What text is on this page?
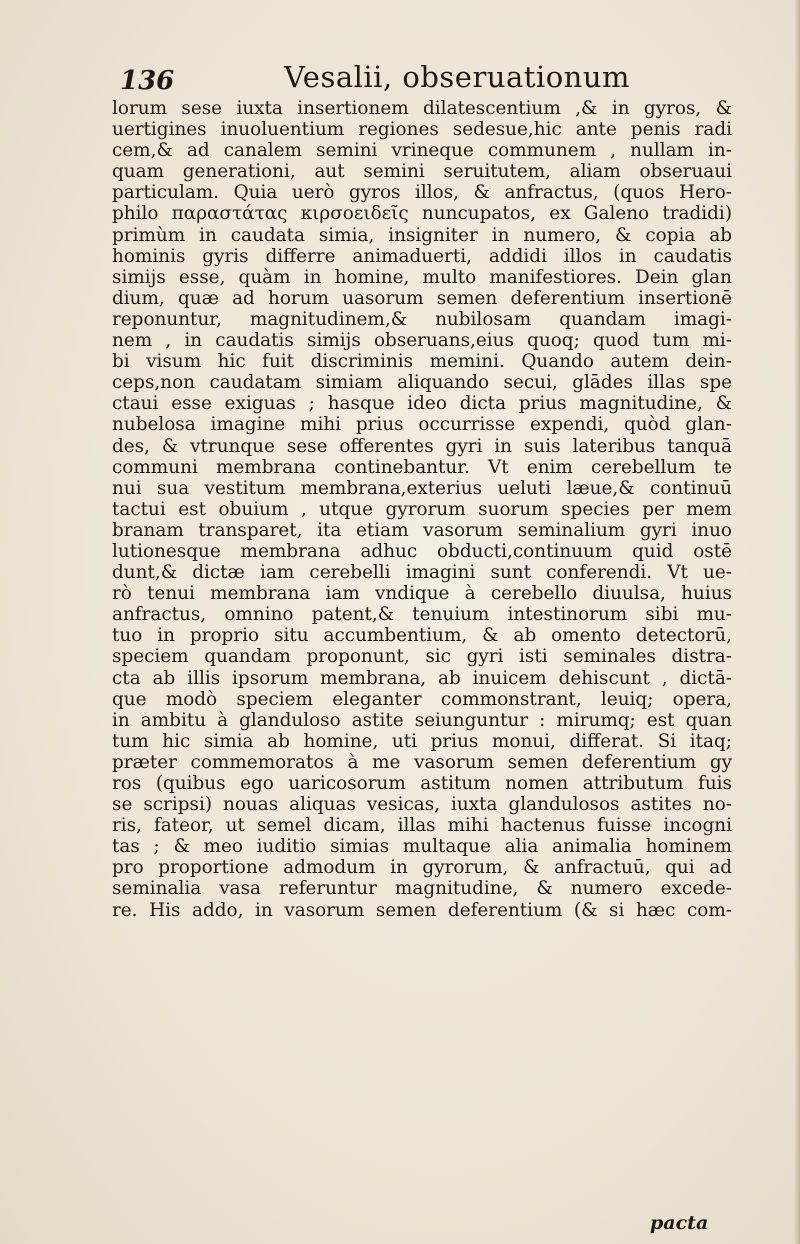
136	Vesalii, obseruationum
lorum sese iuxta insertionem dilatescentium ,& in gyros, &
uertigines inuoluentium regiones sedesue,hic ante penis radi
cem,& ad canalem semini vrineque communem , nullam in-
quam generationi, aut semini seruitutem, aliam obseruaui
particulam. Quia uerò gyros illos, & anfractus, (quos Hero-
philo παραστάτας κιρσοειδεῖς nuncupatos, ex Galeno tradidi)
primùm in caudata simia, insigniter in numero, & copia ab
hominis gyris differre animaduerti, addidi illos in caudatis
simijs esse, quàm in homine, multo manifestiores. Dein glan
dium, quæ ad horum uasorum semen deferentium insertionē
reponuntur, magnitudinem,& nubilosam quandam imagi-
nem , in caudatis simijs obseruans,eius quoq; quod tum mi-
bi visum hic fuit discriminis memini. Quando autem dein-
ceps,non caudatam simiam aliquando secui, glādes illas spe
ctaui esse exiguas ; hasque ideo dicta prius magnitudine, &
nubelosa imagine mihi prius occurrisse expendi, quòd glan-
des, & vtrunque sese offerentes gyri in suis lateribus tanquā
communi membrana continebantur. Vt enim cerebellum te
nui sua vestitum membrana,exterius ueluti læue,& continuū
tactui est obuium , utque gyrorum suorum species per mem
branam transparet, ita etiam vasorum seminalium gyri inuo
lutionesque membrana adhuc obducti,continuum quid ostē
dunt,& dictæ iam cerebelli imagini sunt conferendi. Vt ue-
rò tenui membrana iam vndique à cerebello diuulsa, huius
anfractus, omnino patent,& tenuium intestinorum sibi mu-
tuo in proprio situ accumbentium, & ab omento detectorū,
speciem quandam proponunt, sic gyri isti seminales distra-
cta ab illis ipsorum membrana, ab inuicem dehiscunt , dictā-
que modò speciem eleganter commonstrant, leuiq; opera,
in ambitu à glanduloso astite seiunguntur : mirumq; est quan
tum hic simia ab homine, uti prius monui, differat. Si itaq;
præter commemoratos à me vasorum semen deferentium gy
ros (quibus ego uaricosorum astitum nomen attributum fuis
se scripsi) nouas aliquas vesicas, iuxta glandulosos astites no-
ris, fateor, ut semel dicam, illas mihi hactenus fuisse incogni
tas ; & meo iuditio simias multaque alia animalia hominem
pro proportione admodum in gyrorum, & anfractuū, qui ad
seminalia vasa referuntur magnitudine, & numero excede-
re. His addo, in vasorum semen deferentium (& si hæc com-
pacta
